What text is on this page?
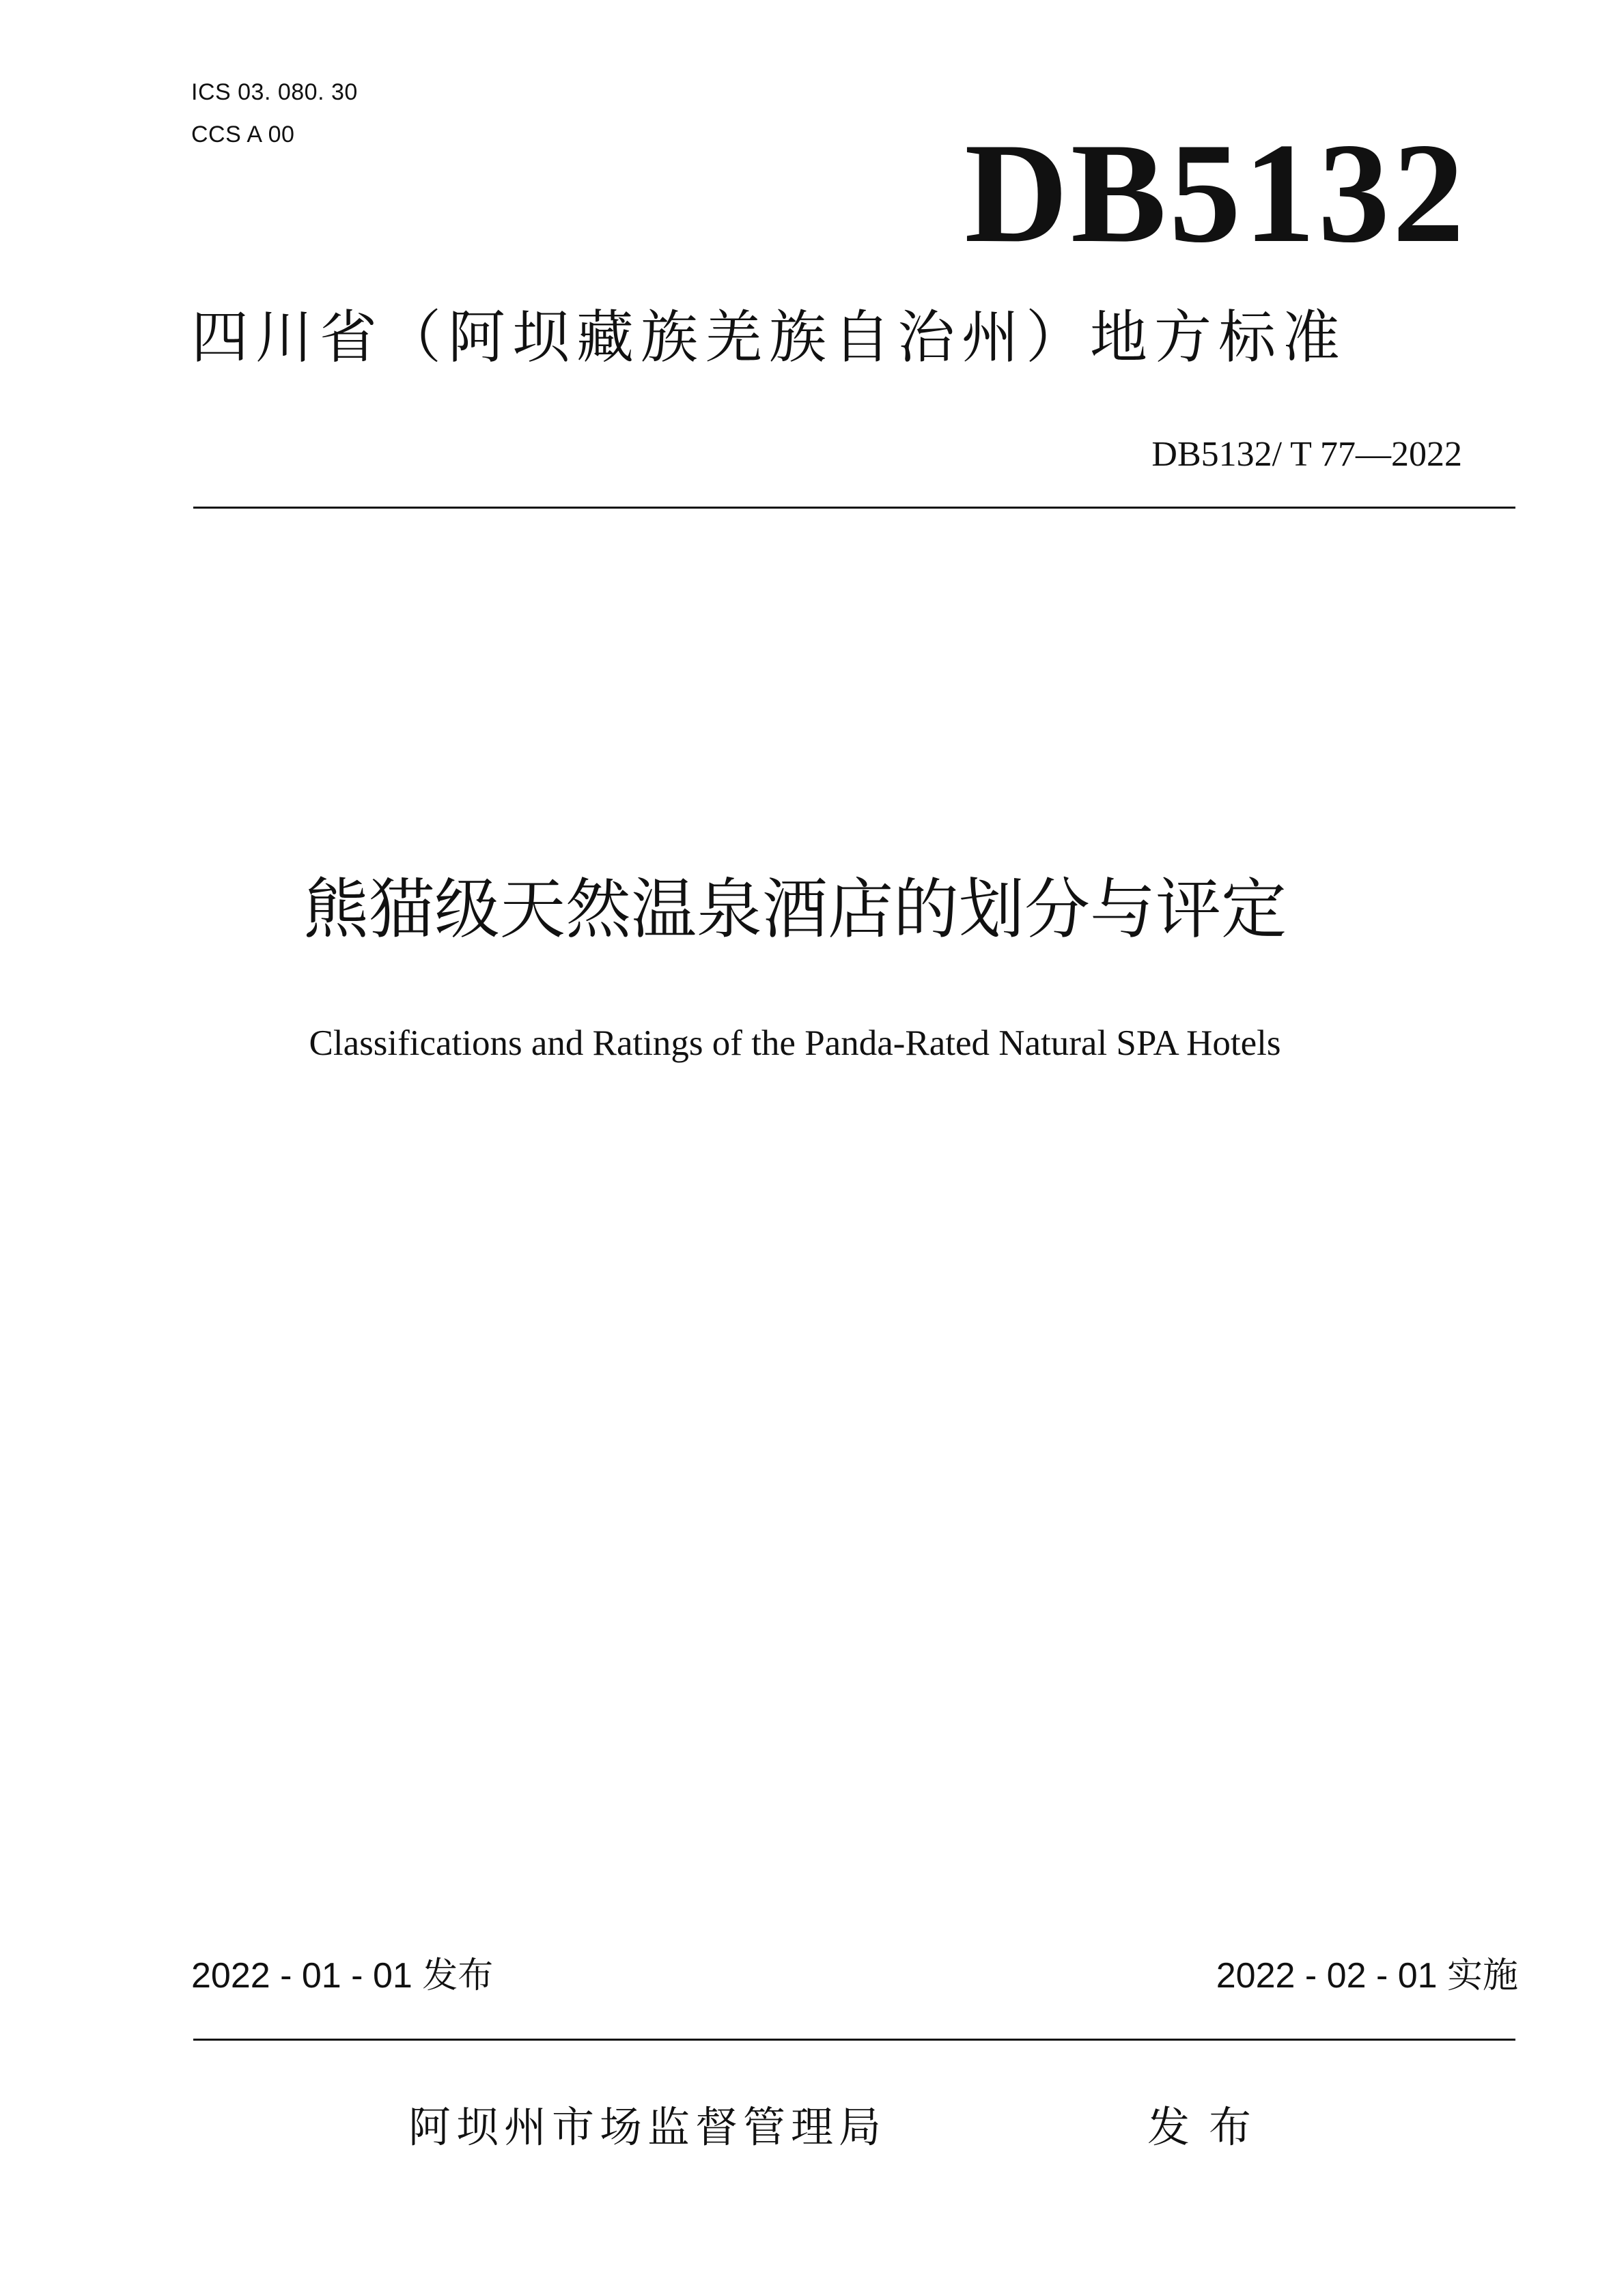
ICS 03. 080. 30
CCS A 00	DB5132
四川省（阿坝藏族羌族自治州）地方标准
DB5132/ T 77—2022
熊猫级天然温泉酒店的划分与评定
Classifications and Ratings of the Panda-Rated Natural SPA Hotels
2022 - 01 - 01 发布	2022 - 02 - 01 实施
阿坝州市场监督管理局	发布
